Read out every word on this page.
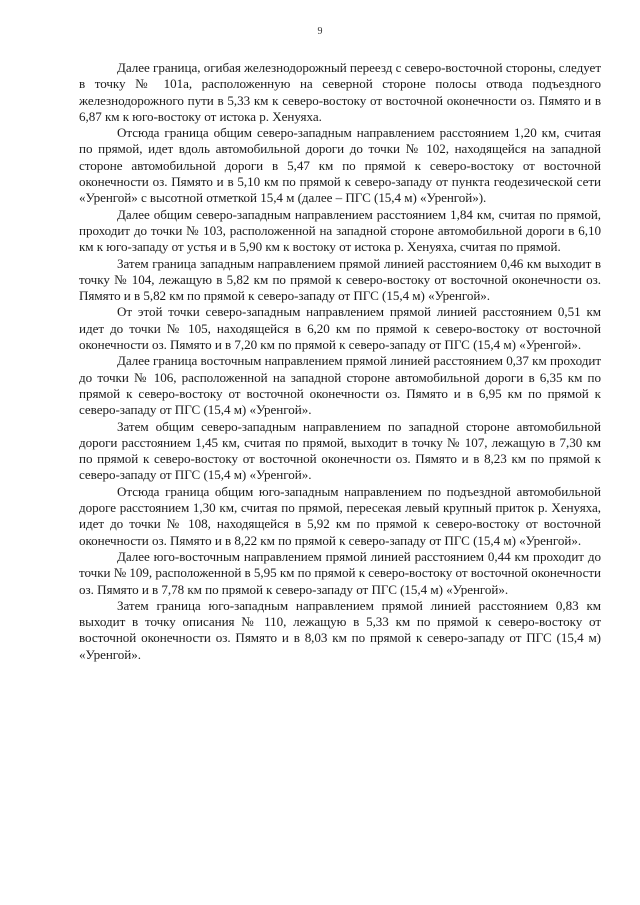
9

Далее граница, огибая железнодорожный переезд с северо-восточной стороны, следует в точку № 101а, расположенную на северной стороне полосы отвода подъездного железнодорожного пути в 5,33 км к северо-востоку от восточной оконечности оз. Пямято и в 6,87 км к юго-востоку от истока р. Хенуяха.

Отсюда граница общим северо-западным направлением расстоянием 1,20 км, считая по прямой, идет вдоль автомобильной дороги до точки № 102, находящейся на западной стороне автомобильной дороги в 5,47 км по прямой к северо-востоку от восточной оконечности оз. Пямято и в 5,10 км по прямой к северо-западу от пункта геодезической сети «Уренгой» с высотной отметкой 15,4 м (далее – ПГС (15,4 м) «Уренгой»).

Далее общим северо-западным направлением расстоянием 1,84 км, считая по прямой, проходит до точки № 103, расположенной на западной стороне автомобильной дороги в 6,10 км к юго-западу от устья и в 5,90 км к востоку от истока р. Хенуяха, считая по прямой.

Затем граница западным направлением прямой линией расстоянием 0,46 км выходит в точку № 104, лежащую в 5,82 км по прямой к северо-востоку от восточной оконечности оз. Пямято и в 5,82 км по прямой к северо-западу от ПГС (15,4 м) «Уренгой».

От этой точки северо-западным направлением прямой линией расстоянием 0,51 км идет до точки № 105, находящейся в 6,20 км по прямой к северо-востоку от восточной оконечности оз. Пямято и в 7,20 км по прямой к северо-западу от ПГС (15,4 м) «Уренгой».

Далее граница восточным направлением прямой линией расстоянием 0,37 км проходит до точки № 106, расположенной на западной стороне автомобильной дороги в 6,35 км по прямой к северо-востоку от восточной оконечности оз. Пямято и в 6,95 км по прямой к северо-западу от ПГС (15,4 м) «Уренгой».

Затем общим северо-западным направлением по западной стороне автомобильной дороги расстоянием 1,45 км, считая по прямой, выходит в точку № 107, лежащую в 7,30 км по прямой к северо-востоку от восточной оконечности оз. Пямято и в 8,23 км по прямой к северо-западу от ПГС (15,4 м) «Уренгой».

Отсюда граница общим юго-западным направлением по подъездной автомобильной дороге расстоянием 1,30 км, считая по прямой, пересекая левый крупный приток р. Хенуяха, идет до точки № 108, находящейся в 5,92 км по прямой к северо-востоку от восточной оконечности оз. Пямято и в 8,22 км по прямой к северо-западу от ПГС (15,4 м) «Уренгой».

Далее юго-восточным направлением прямой линией расстоянием 0,44 км проходит до точки № 109, расположенной в 5,95 км по прямой к северо-востоку от восточной оконечности оз. Пямято и в 7,78 км по прямой к северо-западу от ПГС (15,4 м) «Уренгой».

Затем граница юго-западным направлением прямой линией расстоянием 0,83 км выходит в точку описания № 110, лежащую в 5,33 км по прямой к северо-востоку от восточной оконечности оз. Пямято и в 8,03 км по прямой к северо-западу от ПГС (15,4 м) «Уренгой».
